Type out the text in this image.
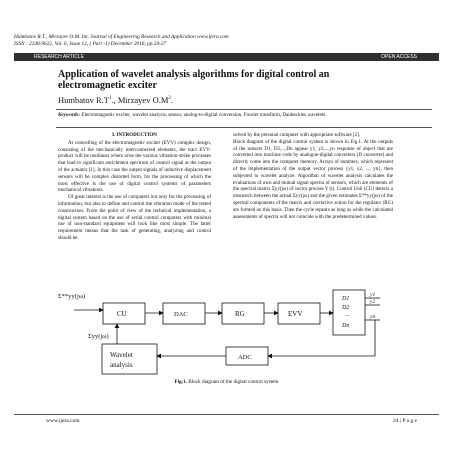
Humbatov R.T., Mirzayev O.M. Int. Journal of Engineering Research and Application www.ijera.com
ISSN : 2248-9622, Vol. 6, Issue 12, ( Part -1) December 2016, pp.24-27
RESEARCH ARTICLE	OPEN ACCESS
Application of wavelet analysis algorithms for digital control an electromagnetic exciter
Humbatov $R.T^1$., Mirzayev $O.M^2$.
Keywords: Electromagnetic exciter, wavelet analysis, sensor, analog-to-digital conversion, Fourier transform, Daubechies wavelets.

I. INTRODUCTION

At controlling of the electromagnetic exciter (EVV) complex design, consisting of the mechanically interconnected elements, the tract EVV-product will be nonlinear where arise the various vibration-strike processes that lead to significant enrichment spectrum of control signal at the output of the actuator [1]. In this case the output signals of inductive displacement sensors will be complex distorted form, for the processing of which the most effective is the use of digital control systems of parameters mechanical vibrations.

Of great interest is the use of computers not only for the processing of information, but also to define and control the vibration mode of the tested construction. From the point of view of the technical implementation, a digital system based on the use of serial control computers with minimal use of non-standard equipment will look like most simple. The latter requirement means that the task of generating, analyzing and control should be

solved by the personal computer with appropriate software [2].

Block diagram of the digital control system is shown in Fig.1. At the outputs of the sensors D1, D2,...,Dn appear y1, y2,...,yn response of object that are converted into machine code by analogue-digital converters (D converter) and directly come into the computer memory. Arrays of numbers, which represent of the implementation of the output vector process {y1, y2, ..., yn}, then subjected to wavelet analyze. Algorithm of wavelet analysis calculates the evaluations of own and mutual signal spectra of sensors, which are elements of the spectral matrix Σyy(jω) of vector process Y (t). Control Unit (CU) detects a mismatch between the actual Σyy(jω) and the given estimates Σ**yy(jω) of the spectral components of the matrix and corrective action for the regulator (RG) are formed on this basis. Then the cycle repeats as long as while the calculated assessments of spectra will not coincide with the predetermined values.

Σ**yy(jω)
Σyy(jω)
CU	DAC	RG	EVV
D1
D2
...
Dn
y1
y2
yn
ADC
Wavelet
analysis
Fig.1. Block diagram of the digital control system
www.ijera.com	24 | P a g e
